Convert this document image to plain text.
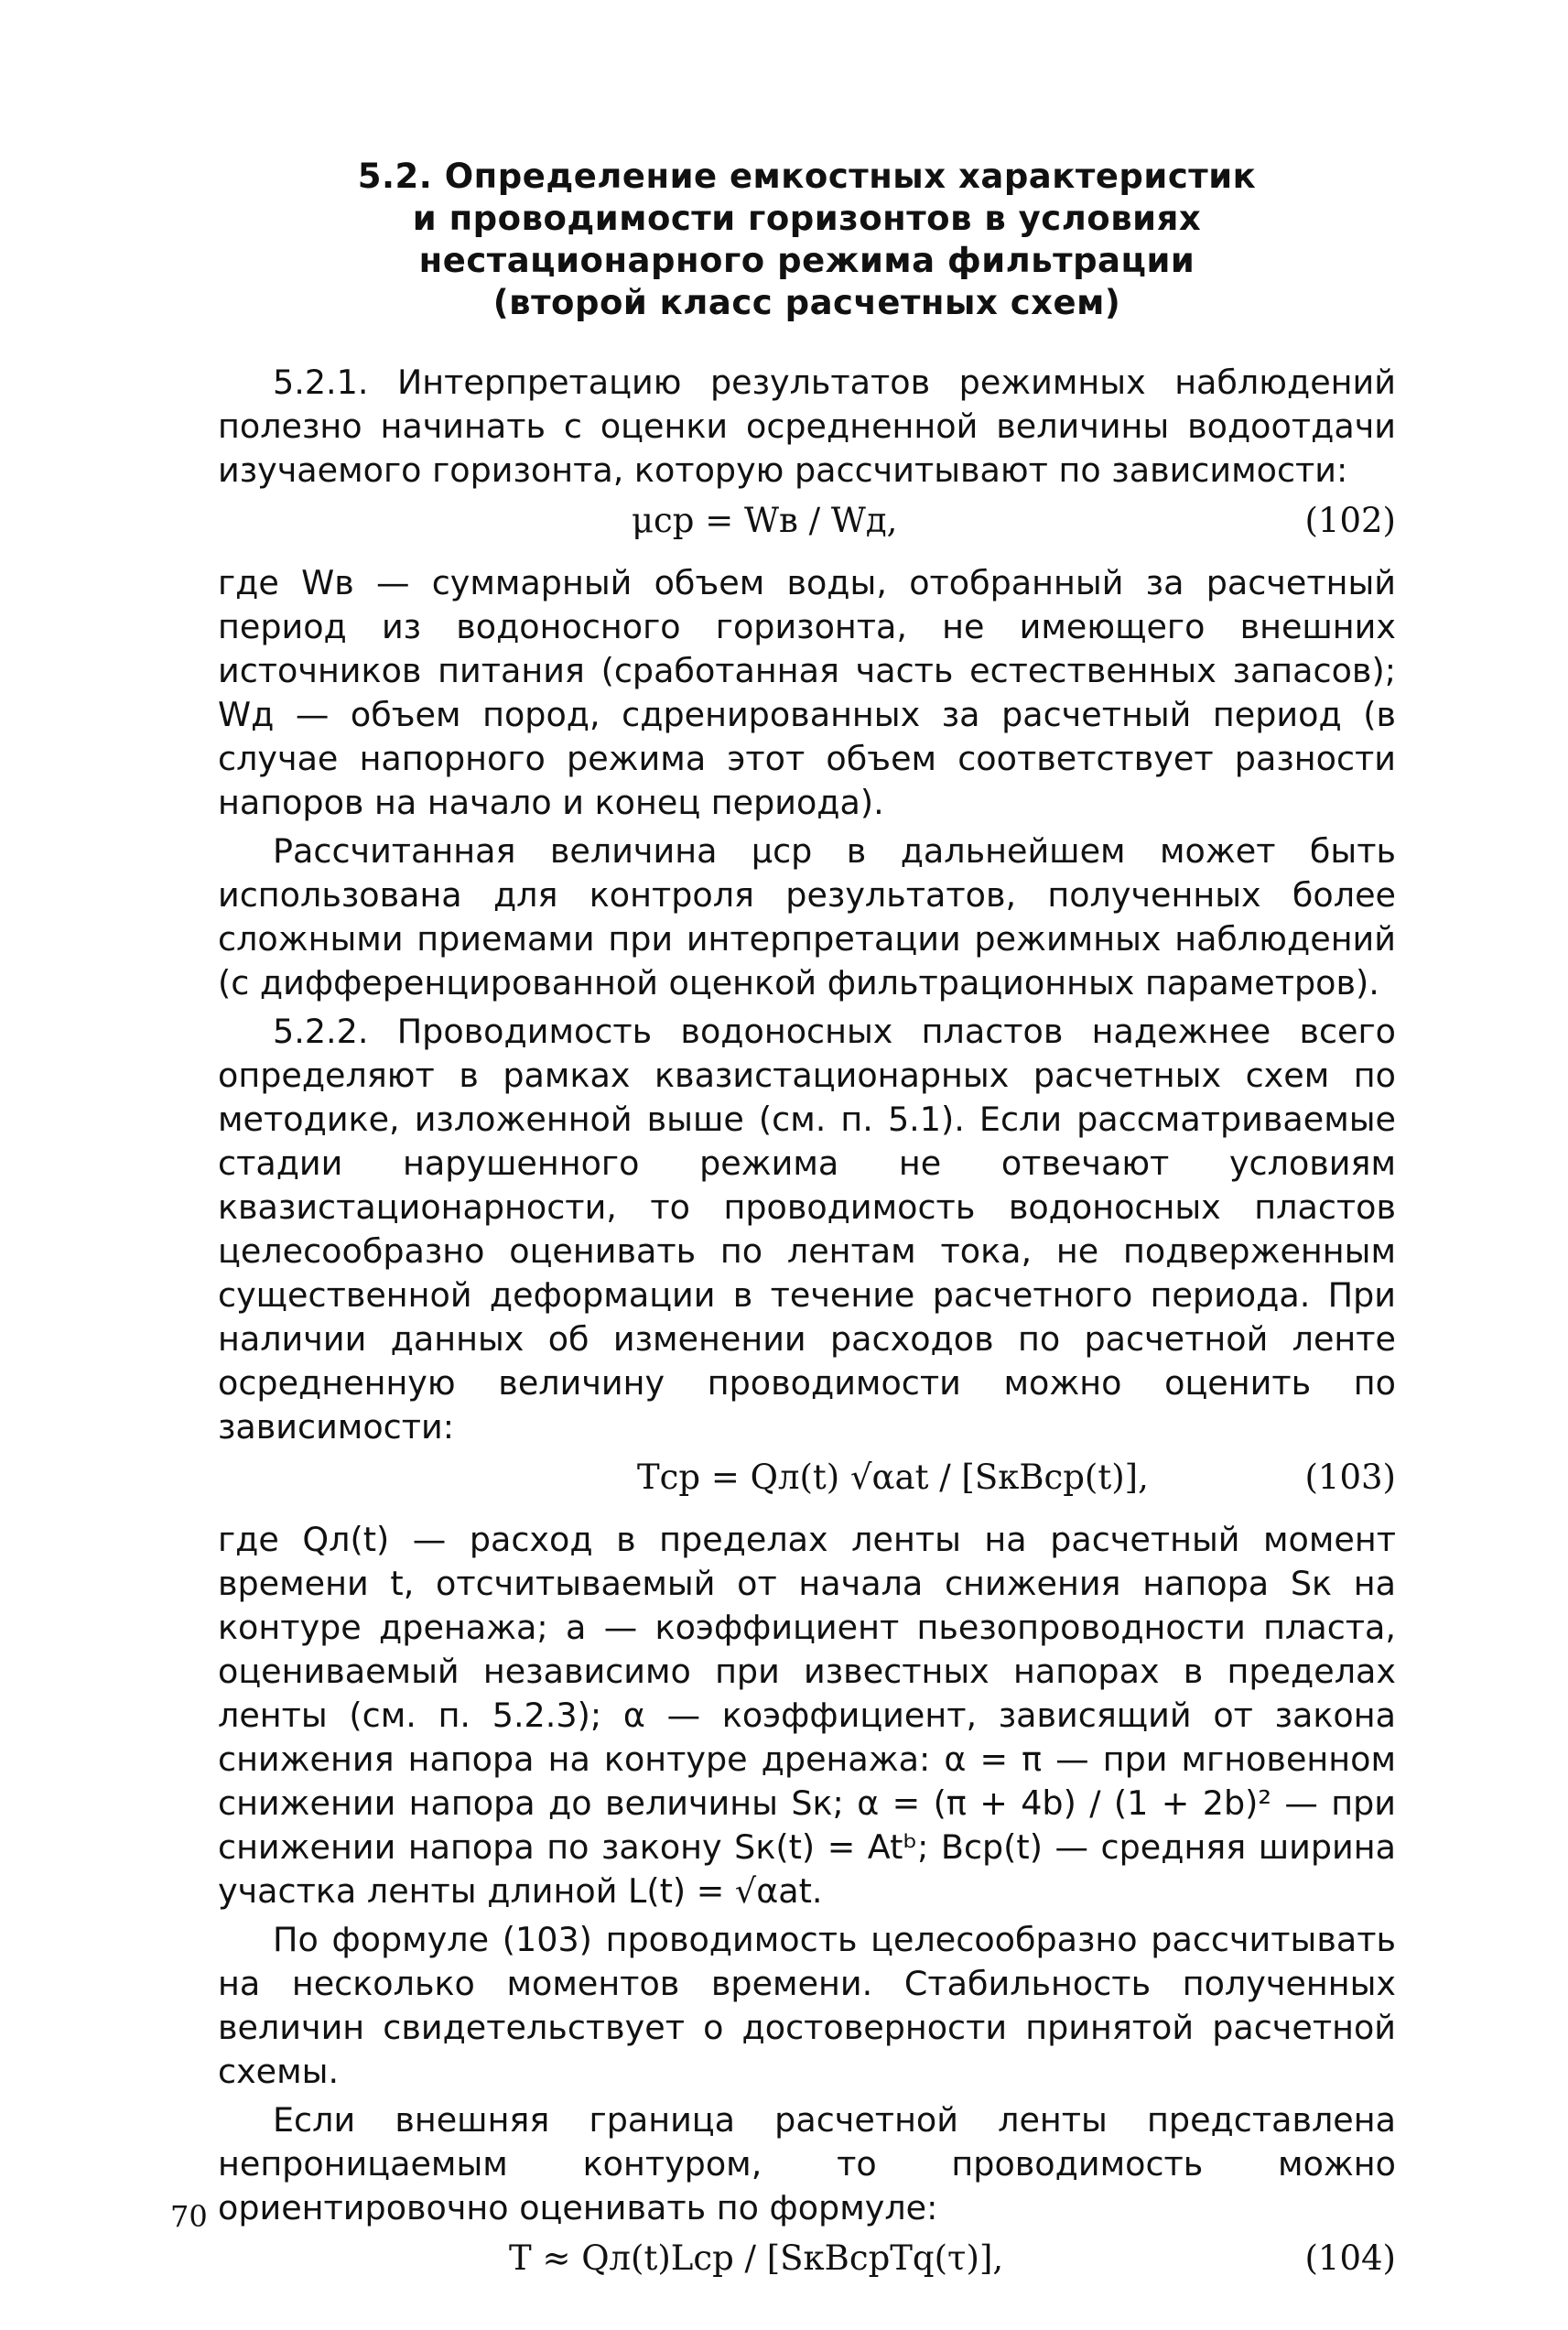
5.2. Определение емкостных характеристик
и проводимости горизонтов в условиях
нестационарного режима фильтрации
(второй класс расчетных схем)

5.2.1. Интерпретацию результатов режимных наблюдений полезно начинать с оценки осредненной величины водоотдачи изучаемого горизонта, которую рассчитывают по зависимости:

μср = Wв / Wд,	(102)

где Wв — суммарный объем воды, отобранный за расчетный период из водоносного горизонта, не имеющего внешних источников питания (сработанная часть естественных запасов); Wд — объем пород, сдренированных за расчетный период (в случае напорного режима этот объем соответствует разности напоров на начало и конец периода).

Рассчитанная величина μср в дальнейшем может быть использована для контроля результатов, полученных более сложными приемами при интерпретации режимных наблюдений (с дифференцированной оценкой фильтрационных параметров).

5.2.2. Проводимость водоносных пластов надежнее всего определяют в рамках квазистационарных расчетных схем по методике, изложенной выше (см. п. 5.1). Если рассматриваемые стадии нарушенного режима не отвечают условиям квазистационарности, то проводимость водоносных пластов целесообразно оценивать по лентам тока, не подверженным существенной деформации в течение расчетного периода. При наличии данных об изменении расходов по расчетной ленте осредненную величину проводимости можно оценить по зависимости:

Tср = Qл(t) √αat / [SкBср(t)],	(103)

где Qл(t) — расход в пределах ленты на расчетный момент времени t, отсчитываемый от начала снижения напора Sк на контуре дренажа; a — коэффициент пьезопроводности пласта, оцениваемый независимо при известных напорах в пределах ленты (см. п. 5.2.3); α — коэффициент, зависящий от закона снижения напора на контуре дренажа: α = π — при мгновенном снижении напора до величины Sк; α = (π + 4b) / (1 + 2b)² — при снижении напора по закону Sк(t) = Atᵇ; Bср(t) — средняя ширина участка ленты длиной L(t) = √αat.

По формуле (103) проводимость целесообразно рассчитывать на несколько моментов времени. Стабильность полученных величин свидетельствует о достоверности принятой расчетной схемы.

Если внешняя граница расчетной ленты представлена непроницаемым контуром, то проводимость можно ориентировочно оценивать по формуле:

T ≈ Qл(t)Lср / [SкBсрTq(τ)],	(104)
70
